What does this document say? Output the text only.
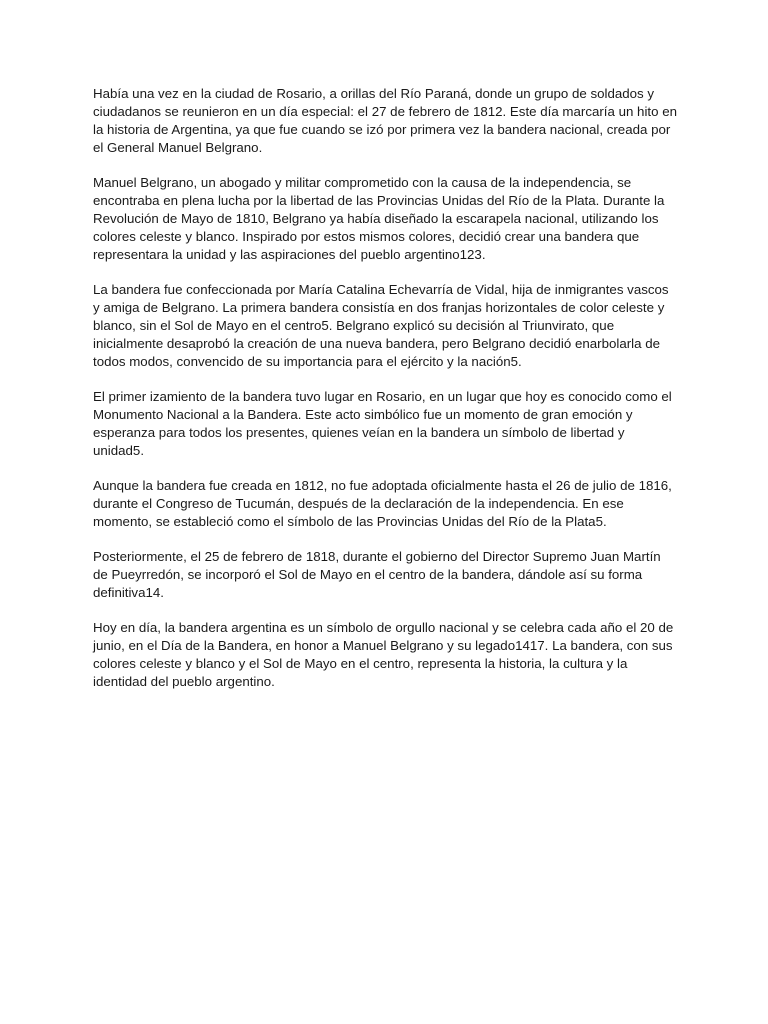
Había una vez en la ciudad de Rosario, a orillas del Río Paraná, donde un grupo de soldados y ciudadanos se reunieron en un día especial: el 27 de febrero de 1812. Este día marcaría un hito en la historia de Argentina, ya que fue cuando se izó por primera vez la bandera nacional, creada por el General Manuel Belgrano.

Manuel Belgrano, un abogado y militar comprometido con la causa de la independencia, se encontraba en plena lucha por la libertad de las Provincias Unidas del Río de la Plata. Durante la Revolución de Mayo de 1810, Belgrano ya había diseñado la escarapela nacional, utilizando los colores celeste y blanco. Inspirado por estos mismos colores, decidió crear una bandera que representara la unidad y las aspiraciones del pueblo argentino123.

La bandera fue confeccionada por María Catalina Echevarría de Vidal, hija de inmigrantes vascos y amiga de Belgrano. La primera bandera consistía en dos franjas horizontales de color celeste y blanco, sin el Sol de Mayo en el centro5. Belgrano explicó su decisión al Triunvirato, que inicialmente desaprobó la creación de una nueva bandera, pero Belgrano decidió enarbolarla de todos modos, convencido de su importancia para el ejército y la nación5.

El primer izamiento de la bandera tuvo lugar en Rosario, en un lugar que hoy es conocido como el Monumento Nacional a la Bandera. Este acto simbólico fue un momento de gran emoción y esperanza para todos los presentes, quienes veían en la bandera un símbolo de libertad y unidad5.

Aunque la bandera fue creada en 1812, no fue adoptada oficialmente hasta el 26 de julio de 1816, durante el Congreso de Tucumán, después de la declaración de la independencia. En ese momento, se estableció como el símbolo de las Provincias Unidas del Río de la Plata5.

Posteriormente, el 25 de febrero de 1818, durante el gobierno del Director Supremo Juan Martín de Pueyrredón, se incorporó el Sol de Mayo en el centro de la bandera, dándole así su forma definitiva14.

Hoy en día, la bandera argentina es un símbolo de orgullo nacional y se celebra cada año el 20 de junio, en el Día de la Bandera, en honor a Manuel Belgrano y su legado1417. La bandera, con sus colores celeste y blanco y el Sol de Mayo en el centro, representa la historia, la cultura y la identidad del pueblo argentino.
